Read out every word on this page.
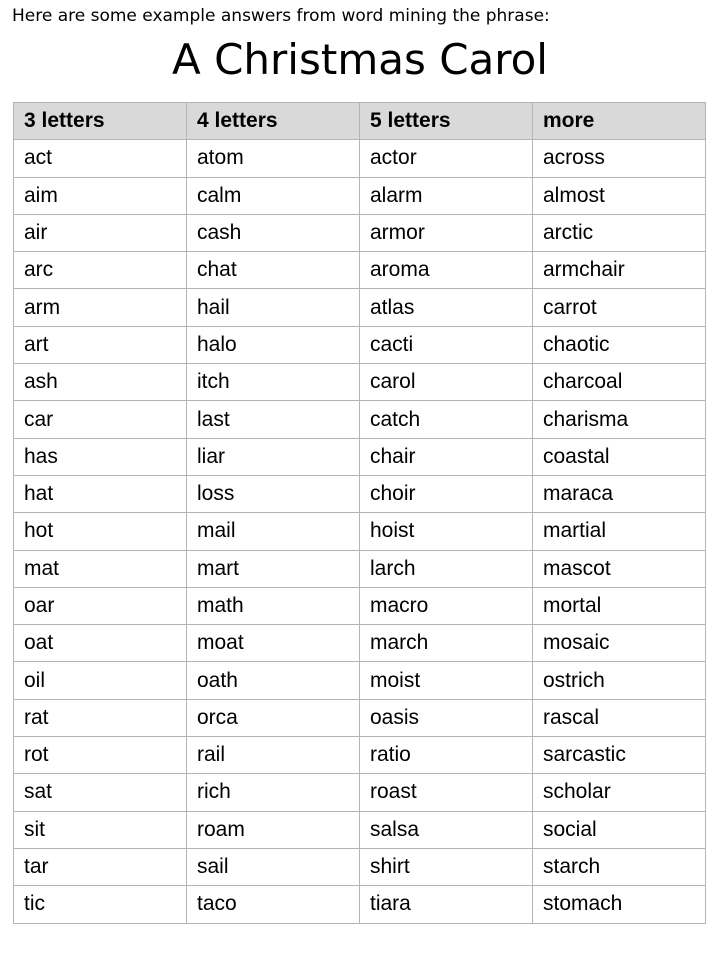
Here are some example answers from word mining the phrase:
A Christmas Carol
3 letters	4 letters	5 letters	more
act	atom	actor	across
aim	calm	alarm	almost
air	cash	armor	arctic
arc	chat	aroma	armchair
arm	hail	atlas	carrot
art	halo	cacti	chaotic
ash	itch	carol	charcoal
car	last	catch	charisma
has	liar	chair	coastal
hat	loss	choir	maraca
hot	mail	hoist	martial
mat	mart	larch	mascot
oar	math	macro	mortal
oat	moat	march	mosaic
oil	oath	moist	ostrich
rat	orca	oasis	rascal
rot	rail	ratio	sarcastic
sat	rich	roast	scholar
sit	roam	salsa	social
tar	sail	shirt	starch
tic	taco	tiara	stomach
